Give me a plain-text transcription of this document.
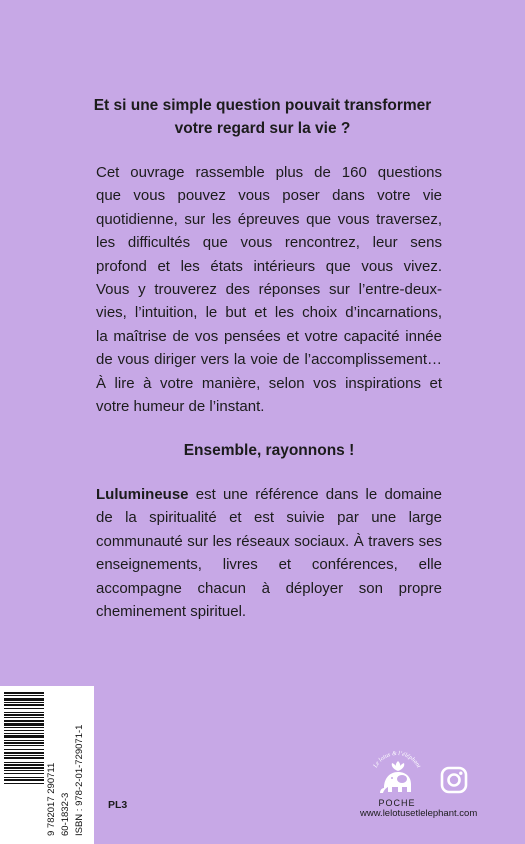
Et si une simple question pouvait transformer
votre regard sur la vie ?

Cet ouvrage rassemble plus de 160 questions

que vous pouvez vous poser dans votre vie

quotidienne, sur les épreuves que vous traversez,

les difficultés que vous rencontrez, leur sens

profond et les états intérieurs que vous vivez.

Vous y trouverez des réponses sur l’entre-deux-

vies, l’intuition, le but et les choix d’incarnations,

la maîtrise de vos pensées et votre capacité innée

de vous diriger vers la voie de l’accomplissement…

À lire à votre manière, selon vos inspirations et

votre humeur de l’instant.

Ensemble, rayonnons !
Lulumineuse est une référence dans le domaine de la spiritualité et est suivie par une large communauté sur les réseaux sociaux. À travers ses enseignements, livres et conférences, elle accompagne chacun à déployer son propre cheminement spirituel.
9 782017 290711 60-1832-3 ISBN : 978-2-01-729071-1 PL3
Le lotus & l’éléphant
POCHE
www.lelotusetlelephant.com
